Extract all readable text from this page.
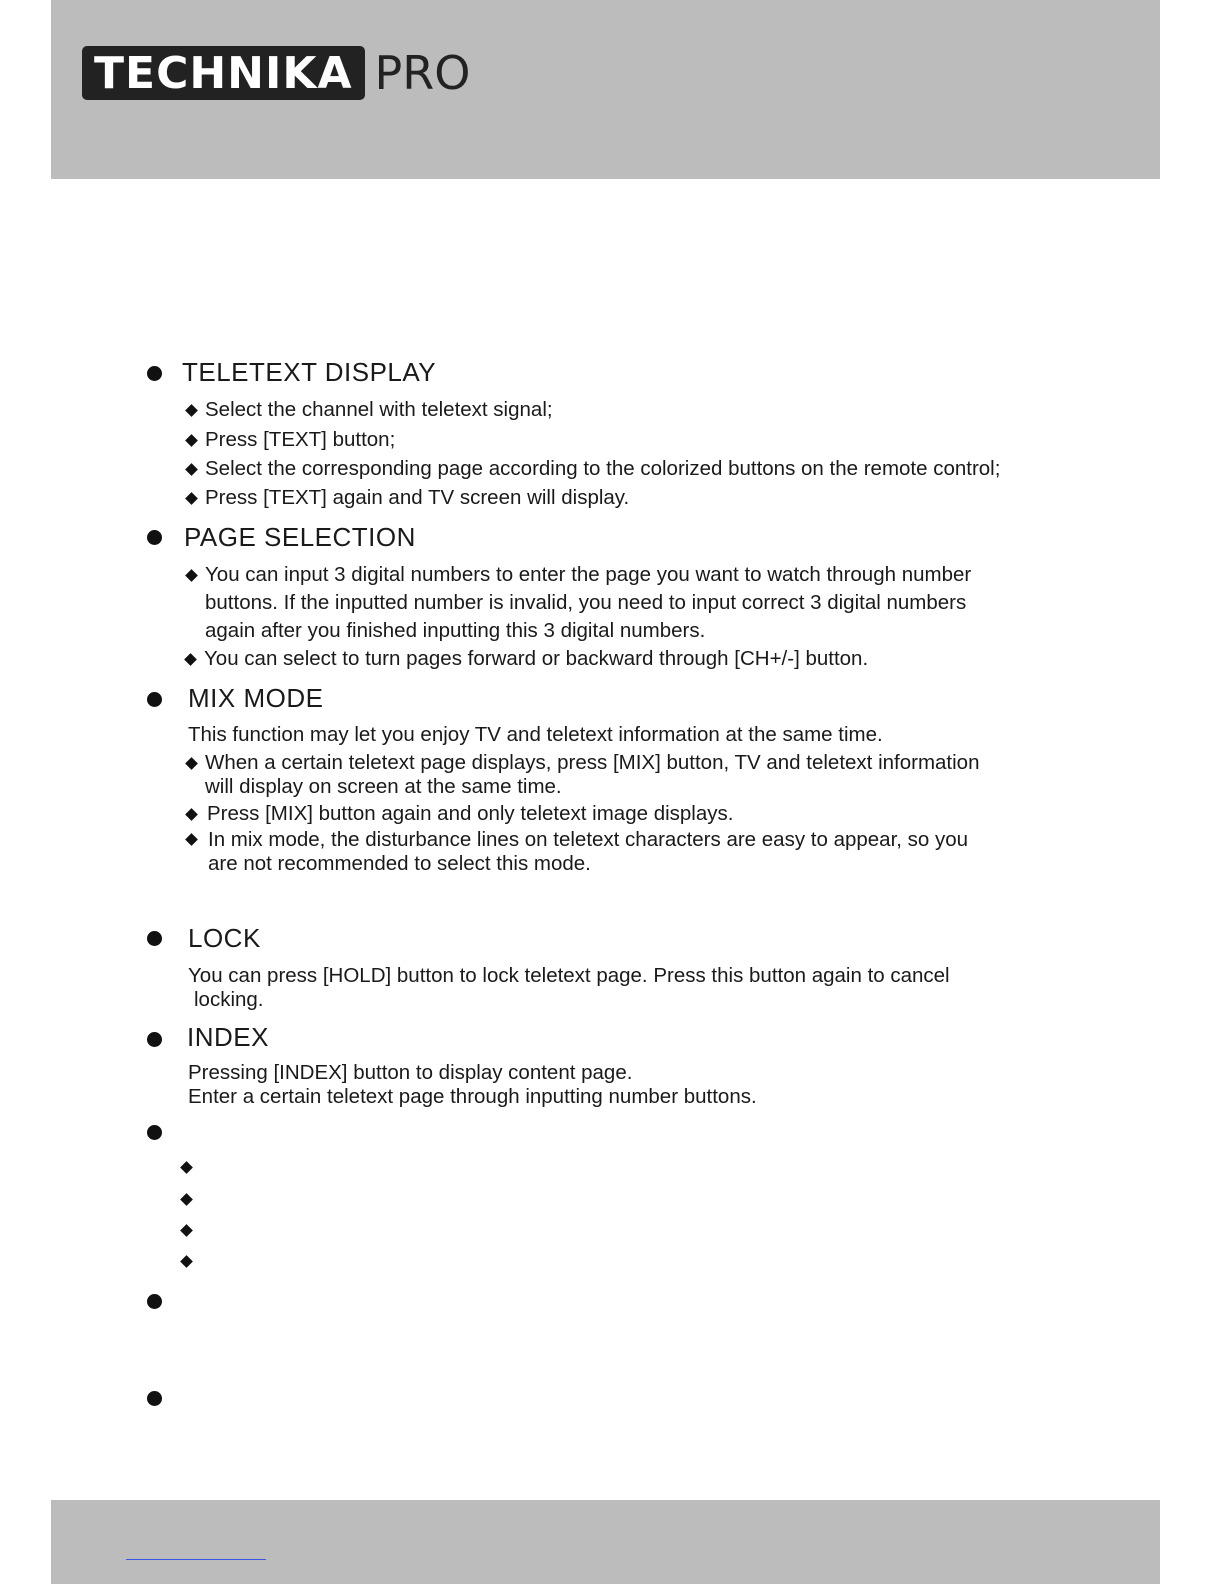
TECHNIKA PRO
TELETEXT DISPLAY
Select the channel with teletext signal;
Press [TEXT] button;
Select the corresponding page according to the colorized buttons on the remote control;
Press [TEXT] again and TV screen will display.
PAGE SELECTION
You can input 3 digital numbers to enter the page you want to watch through number
buttons. If the inputted number is invalid, you need to input correct 3 digital numbers
again after you finished inputting this 3 digital numbers.
You can select to turn pages forward or backward through [CH+/-] button.
MIX MODE
This function may let you enjoy TV and teletext information at the same time.
When a certain teletext page displays, press [MIX] button, TV and teletext information
will display on screen at the same time.
Press [MIX] button again and only teletext image displays.
In mix mode, the disturbance lines on teletext characters are easy to appear, so you
are not recommended to select this mode.
LOCK
You can press [HOLD] button to lock teletext page. Press this button again to cancel
locking.
INDEX
Pressing [INDEX] button to display content page.
Enter a certain teletext page through inputting number buttons.
